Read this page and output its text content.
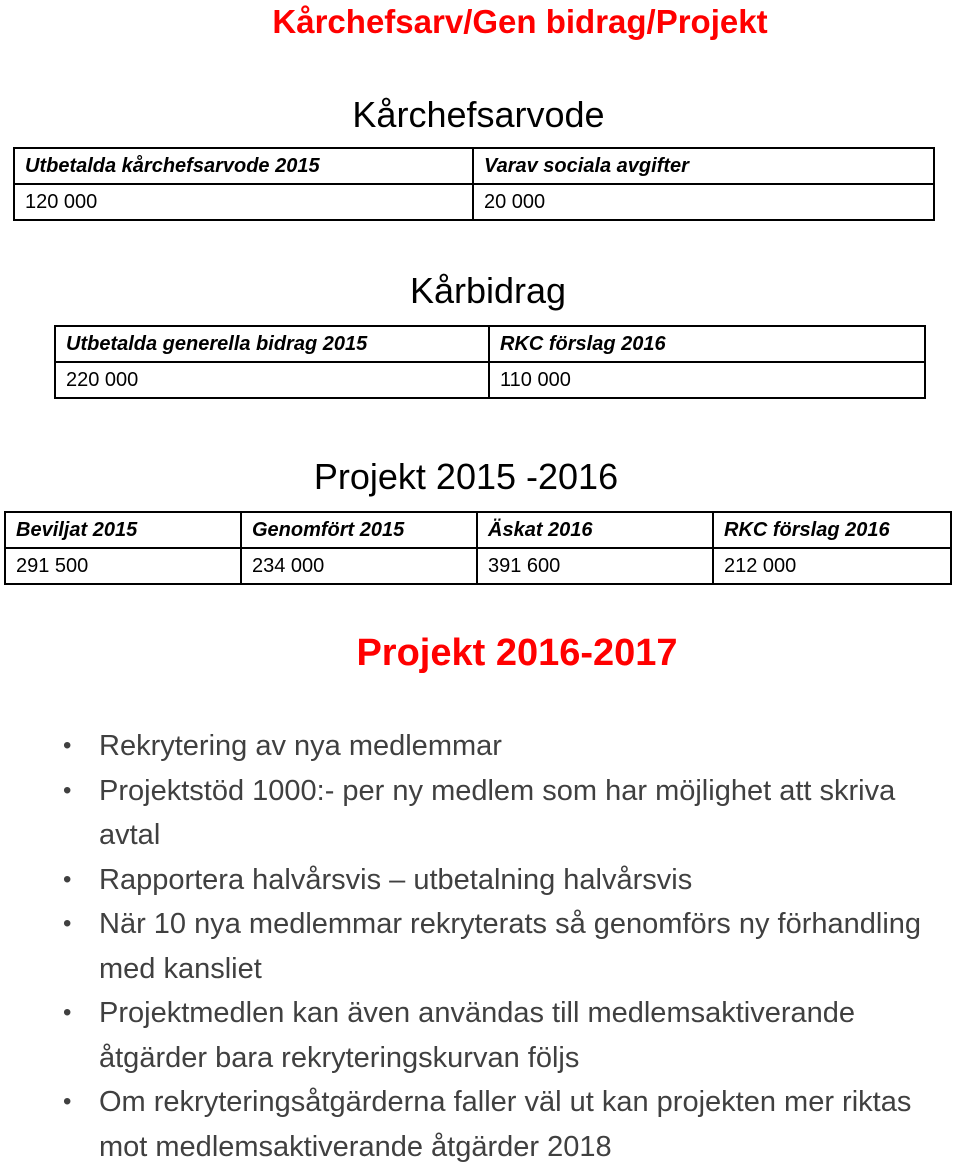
Kårchefsarv/Gen bidrag/Projekt
Kårchefsarvode
Utbetalda kårchefsarvode 2015	Varav sociala avgifter
120 000	20 000
Kårbidrag
Utbetalda generella bidrag 2015	RKC förslag 2016
220 000	110 000
Projekt 2015 -2016
Beviljat 2015	Genomfört 2015	Äskat 2016	RKC förslag 2016
291 500	234 000	391 600	212 000
Projekt 2016-2017
• Rekrytering av nya medlemmar
• Projektstöd 1000:- per ny medlem som har möjlighet att skriva avtal
• Rapportera halvårsvis – utbetalning halvårsvis
• När 10 nya medlemmar rekryterats så genomförs ny förhandling med kansliet
• Projektmedlen kan även användas till medlemsaktiverande åtgärder bara rekryteringskurvan följs
• Om rekryteringsåtgärderna faller väl ut kan projekten mer riktas mot medlemsaktiverande åtgärder 2018
